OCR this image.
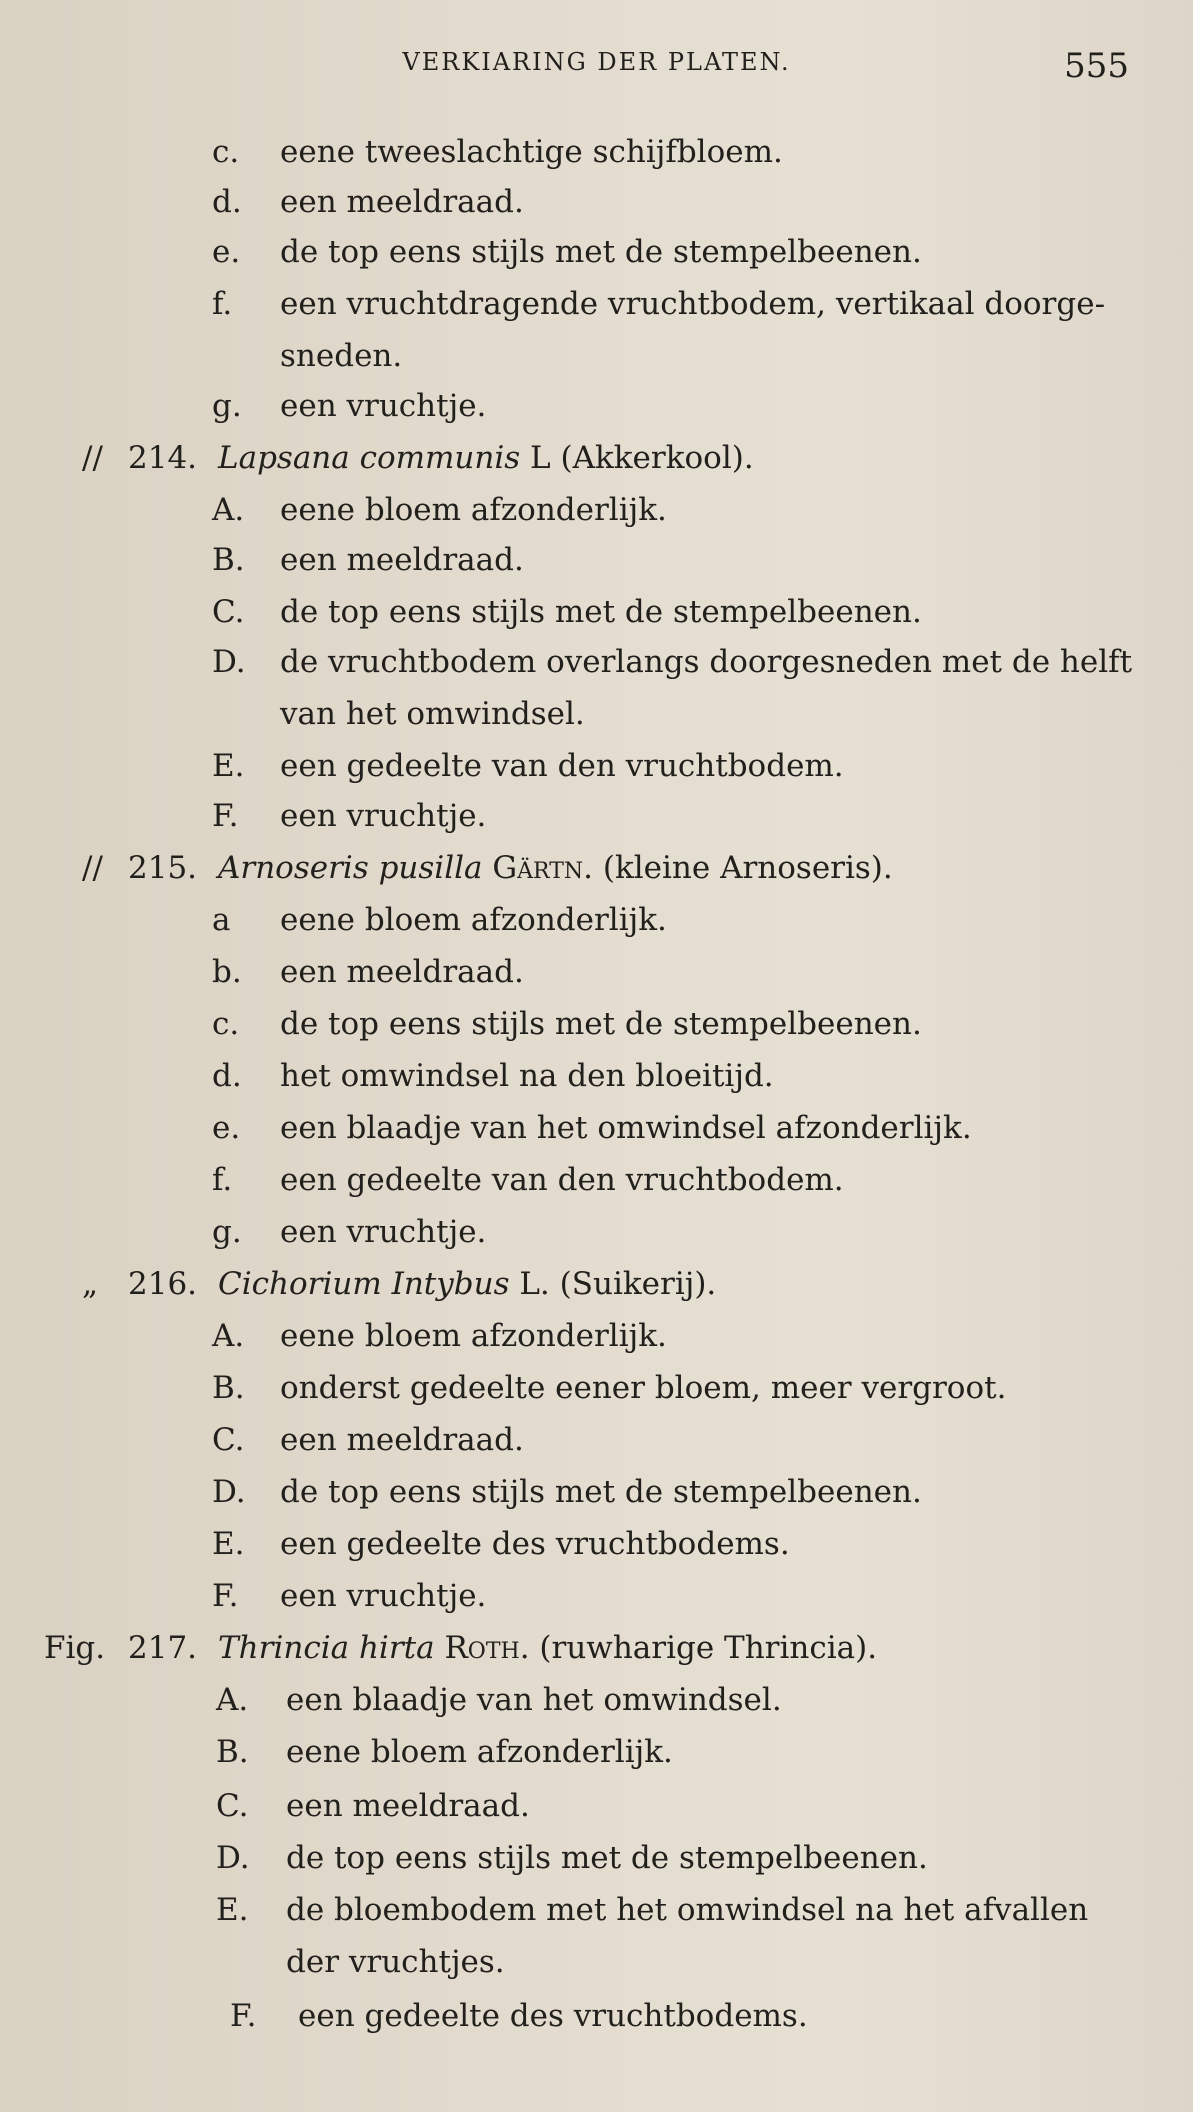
VERKIARING DER PLATEN.	555
c. eene tweeslachtige schijfbloem.
d. een meeldraad.
e. de top eens stijls met de stempelbeenen.
f. een vruchtdragende vruchtbodem, vertikaal doorge-
sneden.
g. een vruchtje.
// 214. Lapsana communis L (Akkerkool).
A. eene bloem afzonderlijk.
B. een meeldraad.
C. de top eens stijls met de stempelbeenen.
D. de vruchtbodem overlangs doorgesneden met de helft
van het omwindsel.
E. een gedeelte van den vruchtbodem.
F. een vruchtje.
// 215. Arnoseris pusilla Gärtn. (kleine Arnoseris).
a eene bloem afzonderlijk.
b. een meeldraad.
c. de top eens stijls met de stempelbeenen.
d. het omwindsel na den bloeitijd.
e. een blaadje van het omwindsel afzonderlijk.
f. een gedeelte van den vruchtbodem.
g. een vruchtje.
„ 216. Cichorium Intybus L. (Suikerij).
A. eene bloem afzonderlijk.
B. onderst gedeelte eener bloem, meer vergroot.
C. een meeldraad.
D. de top eens stijls met de stempelbeenen.
E. een gedeelte des vruchtbodems.
F. een vruchtje.
Fig. 217. Thrincia hirta Roth. (ruwharige Thrincia).
A. een blaadje van het omwindsel.
B. eene bloem afzonderlijk.
C. een meeldraad.
D. de top eens stijls met de stempelbeenen.
E. de bloembodem met het omwindsel na het afvallen
der vruchtjes.
F. een gedeelte des vruchtbodems.
